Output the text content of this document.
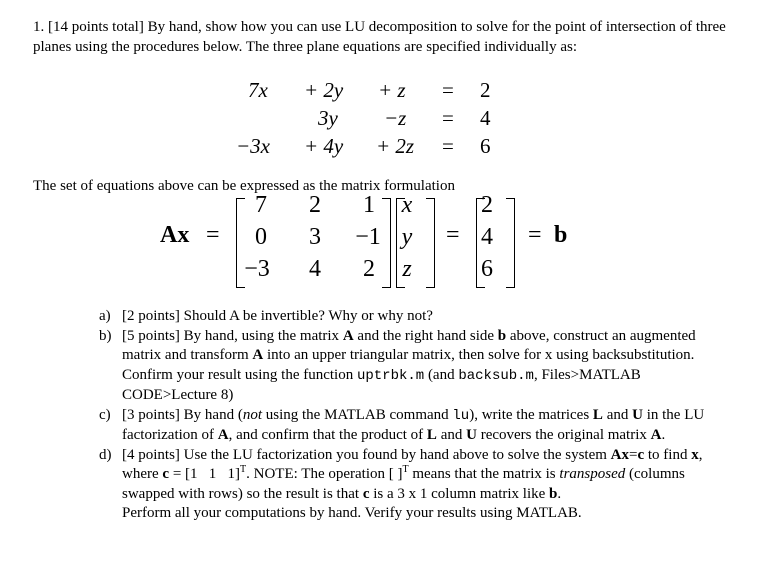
1. [14 points total] By hand, show how you can use LU decomposition to solve for the point of intersection of three planes using the procedures below. The three plane equations are specified individually as:

7x + 2y + z = 2
3y −z = 4
−3x + 4y + 2z = 6
The set of equations above can be expressed as the matrix formulation
Ax =
7	2	1
0	3	−1
−3	4	2
x
y
z
=
2
4
6
= b

a) [2 points] Should A be invertible? Why or why not?

b) [5 points] By hand, using the matrix A and the right hand side b above, construct an augmented matrix and transform A into an upper triangular matrix, then solve for x using backsubstitution. Confirm your result using the function uptrbk.m (and backsub.m, Files>MATLAB CODE>Lecture 8)

c) [3 points] By hand (not using the MATLAB command lu), write the matrices L and U in the LU factorization of A, and confirm that the product of L and U recovers the original matrix A.

d) [4 points] Use the LU factorization you found by hand above to solve the system Ax=c to find x, where c = [1   1   1]$^T$. NOTE: The operation [ ]$^T$ means that the matrix is transposed (columns swapped with rows) so the result is that c is a 3 x 1 column matrix like b.
Perform all your computations by hand. Verify your results using MATLAB.
